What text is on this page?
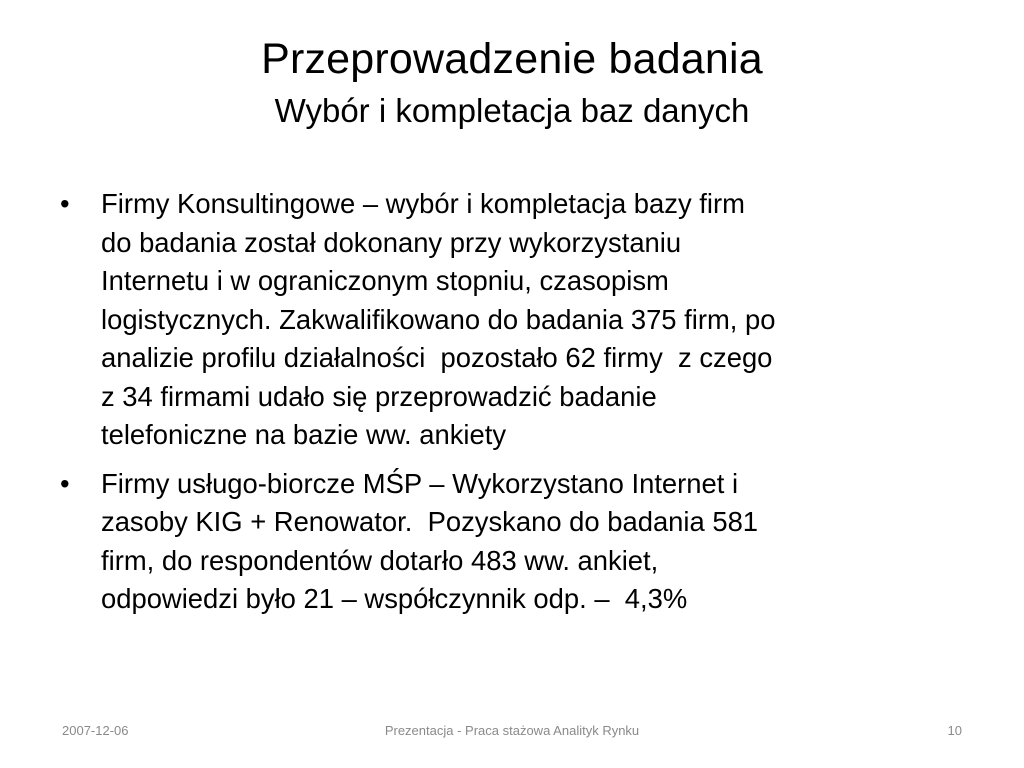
Przeprowadzenie badania
Wybór i kompletacja baz danych
• Firmy Konsultingowe – wybór i kompletacja bazy firm
do badania został dokonany przy wykorzystaniu
Internetu i w ograniczonym stopniu, czasopism
logistycznych. Zakwalifikowano do badania 375 firm, po
analizie profilu działalności  pozostało 62 firmy  z czego
z 34 firmami udało się przeprowadzić badanie
telefoniczne na bazie ww. ankiety
• Firmy usługo-biorcze MŚP – Wykorzystano Internet i
zasoby KIG + Renowator.  Pozyskano do badania 581
firm, do respondentów dotarło 483 ww. ankiet,
odpowiedzi było 21 – współczynnik odp. –  4,3%
2007-12-06	Prezentacja - Praca stażowa Analityk Rynku	10
